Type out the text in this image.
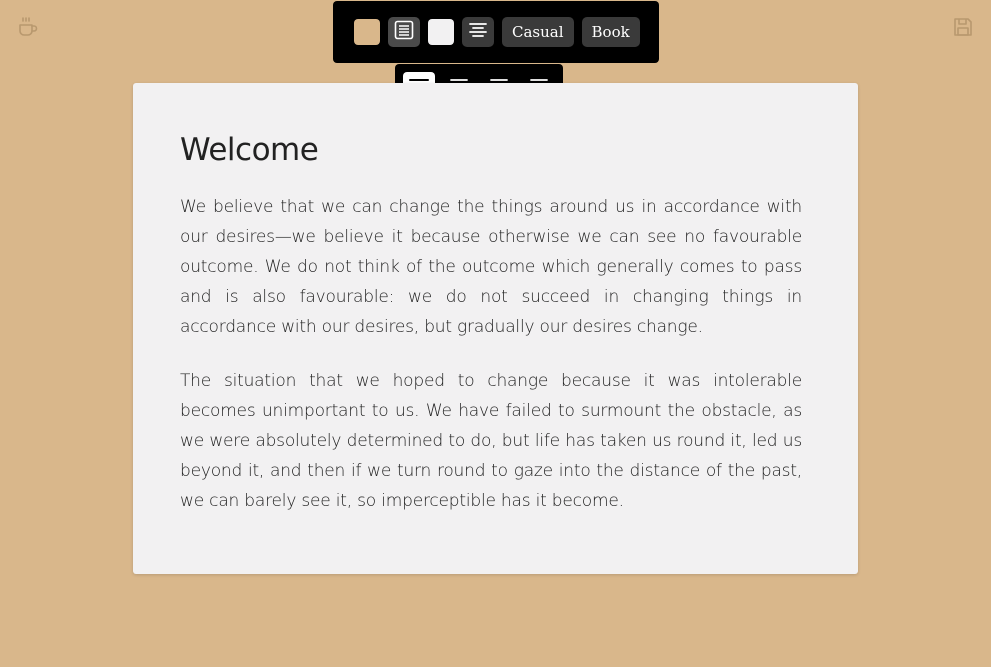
Casual	Book
Welcome

We believe that we can change the things around us in accordance with our desires—we believe it because otherwise we can see no favourable outcome. We do not think of the outcome which generally comes to pass and is also favourable: we do not succeed in changing things in accordance with our desires, but gradually our desires change.

The situation that we hoped to change because it was intolerable becomes unimportant to us. We have failed to surmount the obstacle, as we were absolutely determined to do, but life has taken us round it, led us beyond it, and then if we turn round to gaze into the distance of the past, we can barely see it, so imperceptible has it become.
